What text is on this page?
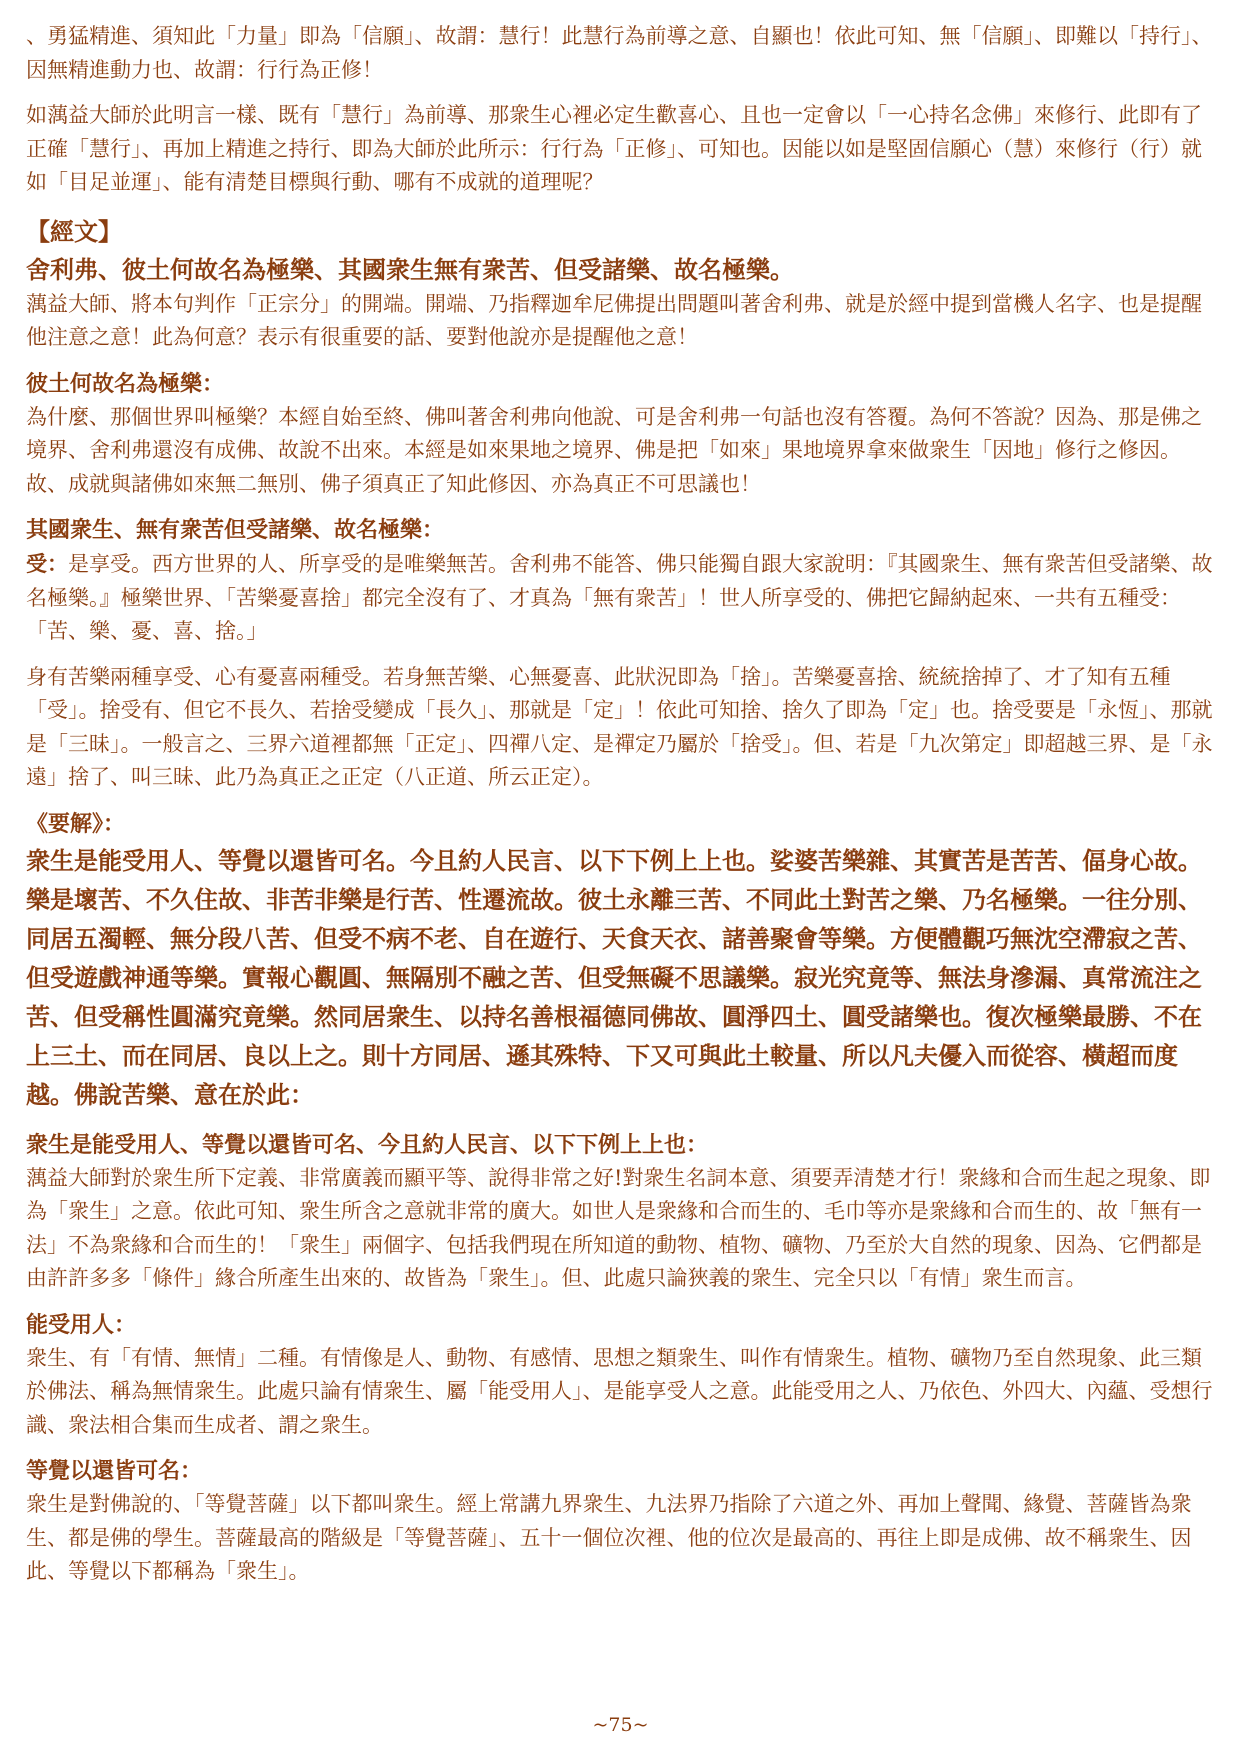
、勇猛精進、須知此「力量」即為「信願」、故謂：慧行！此慧行為前導之意、自顯也！依此可知、無「信願」、即難以「持行」、因無精進動力也、故謂：行行為正修！

如蕅益大師於此明言一樣、既有「慧行」為前導、那衆生心裡必定生歡喜心、且也一定會以「一心持名念佛」來修行、此即有了正確「慧行」、再加上精進之持行、即為大師於此所示：行行為「正修」、可知也。因能以如是堅固信願心（慧）來修行（行）就如「目足並運」、能有清楚目標與行動、哪有不成就的道理呢？

【經文】

舍利弗、彼土何故名為極樂、其國衆生無有衆苦、但受諸樂、故名極樂。

蕅益大師、將本句判作「正宗分」的開端。開端、乃指釋迦牟尼佛提出問題叫著舍利弗、就是於經中提到當機人名字、也是提醒他注意之意！此為何意？表示有很重要的話、要對他說亦是提醒他之意！

彼土何故名為極樂：

為什麼、那個世界叫極樂？本經自始至終、佛叫著舍利弗向他說、可是舍利弗一句話也沒有答覆。為何不答說？因為、那是佛之境界、舍利弗還沒有成佛、故說不出來。本經是如來果地之境界、佛是把「如來」果地境界拿來做衆生「因地」修行之修因。故、成就與諸佛如來無二無別、佛子須真正了知此修因、亦為真正不可思議也！

其國衆生、無有衆苦但受諸樂、故名極樂：

受：是享受。西方世界的人、所享受的是唯樂無苦。舍利弗不能答、佛只能獨自跟大家說明：『其國衆生、無有衆苦但受諸樂、故名極樂。』極樂世界、「苦樂憂喜捨」都完全沒有了、才真為「無有衆苦」！世人所享受的、佛把它歸納起來、一共有五種受：「苦、樂、憂、喜、捨。」

身有苦樂兩種享受、心有憂喜兩種受。若身無苦樂、心無憂喜、此狀況即為「捨」。苦樂憂喜捨、統統捨掉了、才了知有五種「受」。捨受有、但它不長久、若捨受變成「長久」、那就是「定」！依此可知捨、捨久了即為「定」也。捨受要是「永恆」、那就是「三昧」。一般言之、三界六道裡都無「正定」、四禪八定、是禪定乃屬於「捨受」。但、若是「九次第定」即超越三界、是「永遠」捨了、叫三昧、此乃為真正之正定（八正道、所云正定）。

《要解》：

衆生是能受用人、等覺以還皆可名。今且約人民言、以下下例上上也。娑婆苦樂雜、其實苦是苦苦、偪身心故。樂是壞苦、不久住故、非苦非樂是行苦、性遷流故。彼土永離三苦、不同此土對苦之樂、乃名極樂。一往分別、同居五濁輕、無分段八苦、但受不病不老、自在遊行、天食天衣、諸善聚會等樂。方便體觀巧無沈空滯寂之苦、但受遊戲神通等樂。實報心觀圓、無隔別不融之苦、但受無礙不思議樂。寂光究竟等、無法身滲漏、真常流注之苦、但受稱性圓滿究竟樂。然同居衆生、以持名善根福德同佛故、圓淨四土、圓受諸樂也。復次極樂最勝、不在上三土、而在同居、良以上之。則十方同居、遜其殊特、下又可與此土較量、所以凡夫優入而從容、橫超而度越。佛說苦樂、意在於此：

衆生是能受用人、等覺以還皆可名、今且約人民言、以下下例上上也：

蕅益大師對於衆生所下定義、非常廣義而顯平等、說得非常之好!對衆生名詞本意、須要弄清楚才行！衆緣和合而生起之現象、即為「衆生」之意。依此可知、衆生所含之意就非常的廣大。如世人是衆緣和合而生的、毛巾等亦是衆緣和合而生的、故「無有一法」不為衆緣和合而生的！「衆生」兩個字、包括我們現在所知道的動物、植物、礦物、乃至於大自然的現象、因為、它們都是由許許多多「條件」緣合所產生出來的、故皆為「衆生」。但、此處只論狹義的衆生、完全只以「有情」衆生而言。

能受用人：

衆生、有「有情、無情」二種。有情像是人、動物、有感情、思想之類衆生、叫作有情衆生。植物、礦物乃至自然現象、此三類於佛法、稱為無情衆生。此處只論有情衆生、屬「能受用人」、是能享受人之意。此能受用之人、乃依色、外四大、內蘊、受想行識、衆法相合集而生成者、謂之衆生。

等覺以還皆可名：

衆生是對佛說的、「等覺菩薩」以下都叫衆生。經上常講九界衆生、九法界乃指除了六道之外、再加上聲聞、緣覺、菩薩皆為衆生、都是佛的學生。菩薩最高的階級是「等覺菩薩」、五十一個位次裡、他的位次是最高的、再往上即是成佛、故不稱衆生、因此、等覺以下都稱為「衆生」。

~75~
